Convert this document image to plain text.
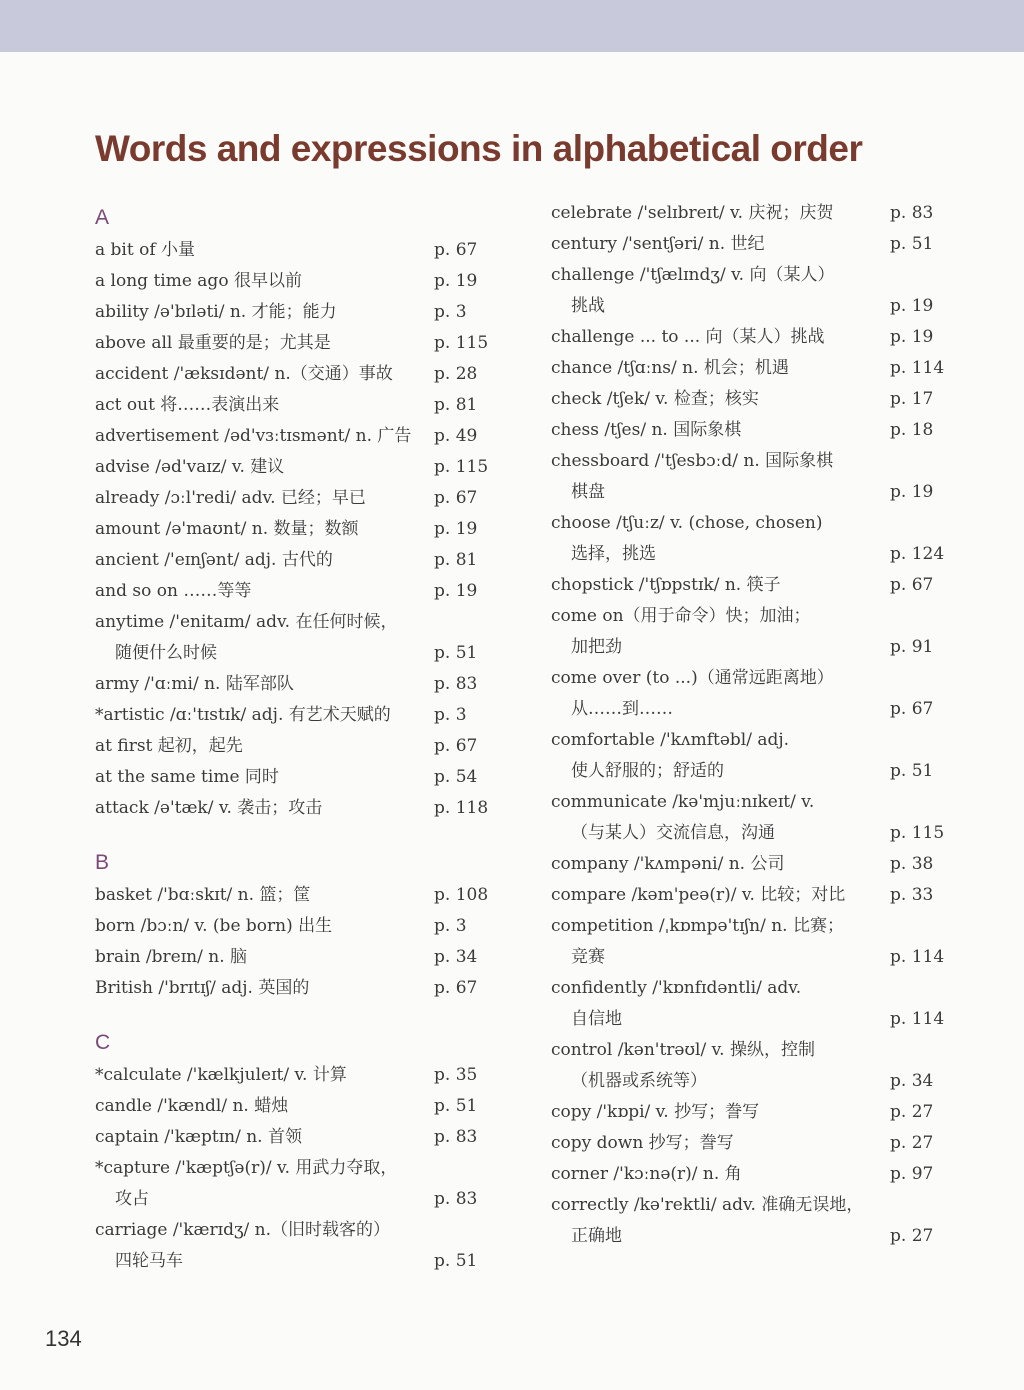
Words and expressions in alphabetical order
A
a bit of 小量	p. 67
a long time ago 很早以前	p. 19
ability /ə'bɪləti/ n. 才能；能力	p. 3
above all 最重要的是；尤其是	p. 115
accident /'æksɪdənt/ n.（交通）事故 p. 28
act out 将……表演出来	p. 81
advertisement /əd'vɜːtɪsmənt/ n. 广告 p. 49
advise /əd'vaɪz/ v. 建议	p. 115
already /ɔːl'redi/ adv. 已经；早已	p. 67
amount /ə'maʊnt/ n. 数量；数额	p. 19
ancient /'eɪnʃənt/ adj. 古代的	p. 81
and so on ……等等	p. 19
anytime /'enitaɪm/ adv. 在任何时候，
随便什么时候	p. 51
army /'ɑːmi/ n. 陆军部队	p. 83
*artistic /ɑː'tɪstɪk/ adj. 有艺术天赋的	p. 3
at first 起初，起先	p. 67
at the same time 同时	p. 54
attack /ə'tæk/ v. 袭击；攻击	p. 118
B
basket /'bɑːskɪt/ n. 篮；筐	p. 108
born /bɔːn/ v. (be born) 出生	p. 3
brain /breɪn/ n. 脑	p. 34
British /'brɪtɪʃ/ adj. 英国的	p. 67
C
*calculate /'kælkjuleɪt/ v. 计算	p. 35
candle /'kændl/ n. 蜡烛	p. 51
captain /'kæptɪn/ n. 首领	p. 83
*capture /'kæptʃə(r)/ v. 用武力夺取，
攻占	p. 83
carriage /'kærɪdʒ/ n.（旧时载客的）
四轮马车	p. 51
celebrate /'selɪbreɪt/ v. 庆祝；庆贺	p. 83
century /'sentʃəri/ n. 世纪	p. 51
challenge /'tʃælɪndʒ/ v. 向（某人）
挑战	p. 19
challenge ... to ... 向（某人）挑战	p. 19
chance /tʃɑːns/ n. 机会；机遇	p. 114
check /tʃek/ v. 检查；核实	p. 17
chess /tʃes/ n. 国际象棋	p. 18
chessboard /'tʃesbɔːd/ n. 国际象棋
棋盘	p. 19
choose /tʃuːz/ v. (chose, chosen)
选择，挑选	p. 124
chopstick /'tʃɒpstɪk/ n. 筷子	p. 67
come on（用于命令）快；加油；
加把劲	p. 91
come over (to ...)（通常远距离地）
从……到……	p. 67
comfortable /'kʌmftəbl/ adj.
使人舒服的；舒适的	p. 51
communicate /kə'mjuːnɪkeɪt/ v.
（与某人）交流信息，沟通	p. 115
company /'kʌmpəni/ n. 公司	p. 38
compare /kəm'peə(r)/ v. 比较；对比	p. 33
competition /ˌkɒmpə'tɪʃn/ n. 比赛；
竞赛	p. 114
confidently /'kɒnfɪdəntli/ adv.
自信地	p. 114
control /kən'trəʊl/ v. 操纵，控制
（机器或系统等）	p. 34
copy /'kɒpi/ v. 抄写；誊写	p. 27
copy down 抄写；誊写	p. 27
corner /'kɔːnə(r)/ n. 角	p. 97
correctly /kə'rektli/ adv. 准确无误地，
正确地	p. 27
134
